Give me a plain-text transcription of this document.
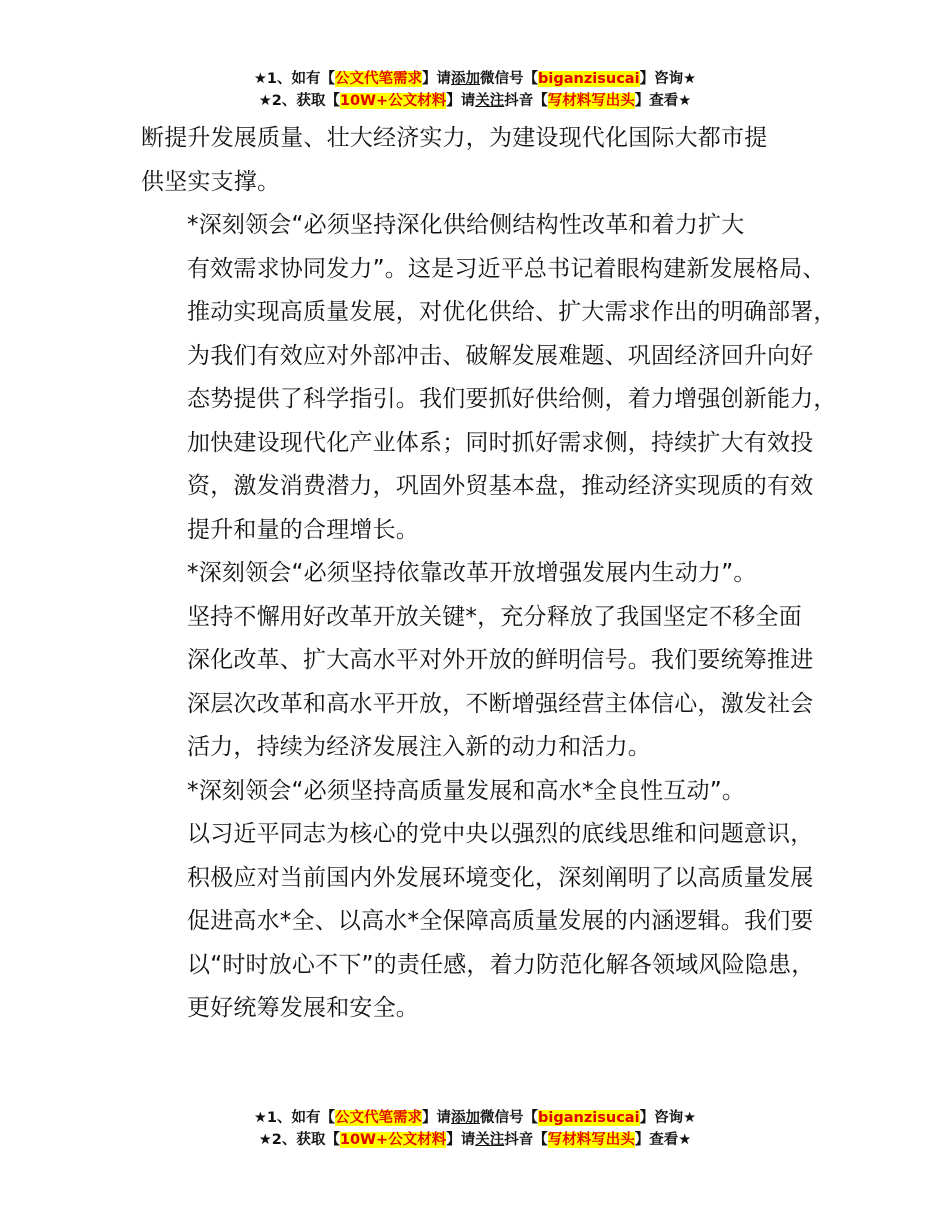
★1、如有【公文代笔需求】请添加微信号【biganzisucai】咨询★
★2、获取【10W+公文材料】请关注抖音【写材料写出头】查看★

断提升发展质量、壮大经济实力，为建设现代化国际大都市提
供坚实支撑。

*深刻领会“必须坚持深化供给侧结构性改革和着力扩大
有效需求协同发力”。这是习近平总书记着眼构建新发展格局、
推动实现高质量发展，对优化供给、扩大需求作出的明确部署，
为我们有效应对外部冲击、破解发展难题、巩固经济回升向好
态势提供了科学指引。我们要抓好供给侧，着力增强创新能力，
加快建设现代化产业体系；同时抓好需求侧，持续扩大有效投
资，激发消费潜力，巩固外贸基本盘，推动经济实现质的有效
提升和量的合理增长。

*深刻领会“必须坚持依靠改革开放增强发展内生动力”。
坚持不懈用好改革开放关键*，充分释放了我国坚定不移全面
深化改革、扩大高水平对外开放的鲜明信号。我们要统筹推进
深层次改革和高水平开放，不断增强经营主体信心，激发社会
活力，持续为经济发展注入新的动力和活力。

*深刻领会“必须坚持高质量发展和高水*全良性互动”。
以习近平同志为核心的党中央以强烈的底线思维和问题意识，
积极应对当前国内外发展环境变化，深刻阐明了以高质量发展
促进高水*全、以高水*全保障高质量发展的内涵逻辑。我们要
以“时时放心不下”的责任感，着力防范化解各领域风险隐患，
更好统筹发展和安全。

★1、如有【公文代笔需求】请添加微信号【biganzisucai】咨询★
★2、获取【10W+公文材料】请关注抖音【写材料写出头】查看★
